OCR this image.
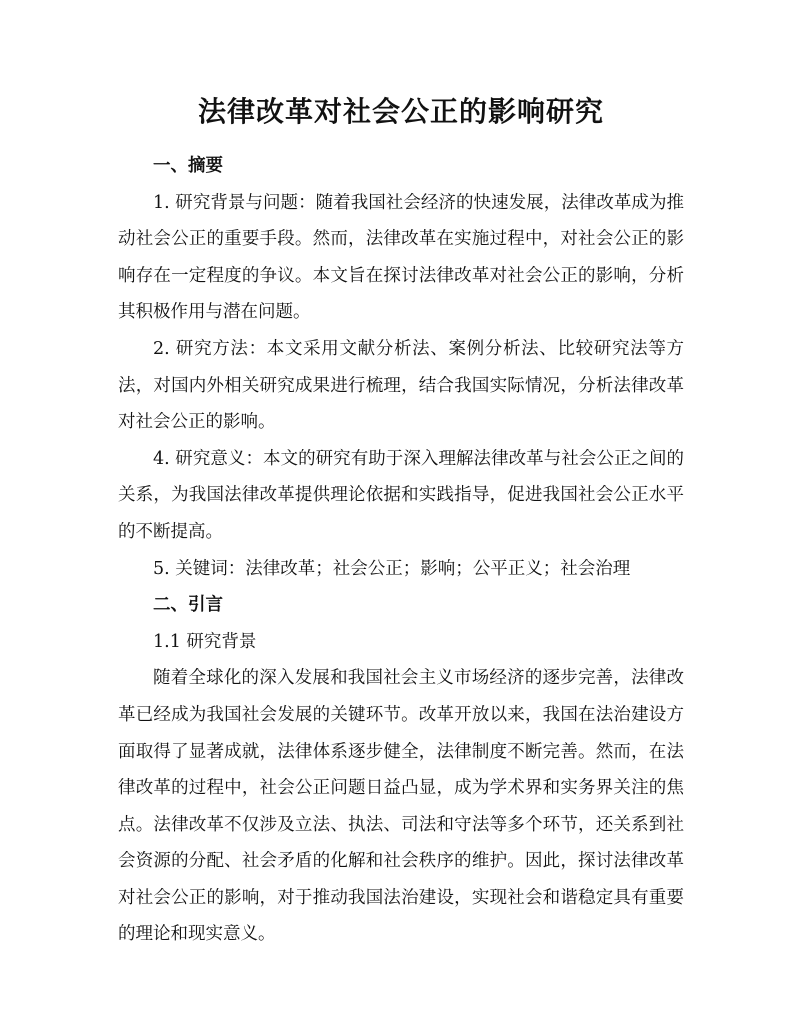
法律改革对社会公正的影响研究
一、摘要

1. 研究背景与问题：随着我国社会经济的快速发展，法律改革成为推动社会公正的重要手段。然而，法律改革在实施过程中，对社会公正的影响存在一定程度的争议。本文旨在探讨法律改革对社会公正的影响，分析其积极作用与潜在问题。

2. 研究方法：本文采用文献分析法、案例分析法、比较研究法等方法，对国内外相关研究成果进行梳理，结合我国实际情况，分析法律改革对社会公正的影响。

4. 研究意义：本文的研究有助于深入理解法律改革与社会公正之间的关系，为我国法律改革提供理论依据和实践指导，促进我国社会公正水平的不断提高。

5. 关键词：法律改革；社会公正；影响；公平正义；社会治理

二、引言

1.1 研究背景

随着全球化的深入发展和我国社会主义市场经济的逐步完善，法律改革已经成为我国社会发展的关键环节。改革开放以来，我国在法治建设方面取得了显著成就，法律体系逐步健全，法律制度不断完善。然而，在法律改革的过程中，社会公正问题日益凸显，成为学术界和实务界关注的焦点。法律改革不仅涉及立法、执法、司法和守法等多个环节，还关系到社会资源的分配、社会矛盾的化解和社会秩序的维护。因此，探讨法律改革对社会公正的影响，对于推动我国法治建设，实现社会和谐稳定具有重要的理论和现实意义。
